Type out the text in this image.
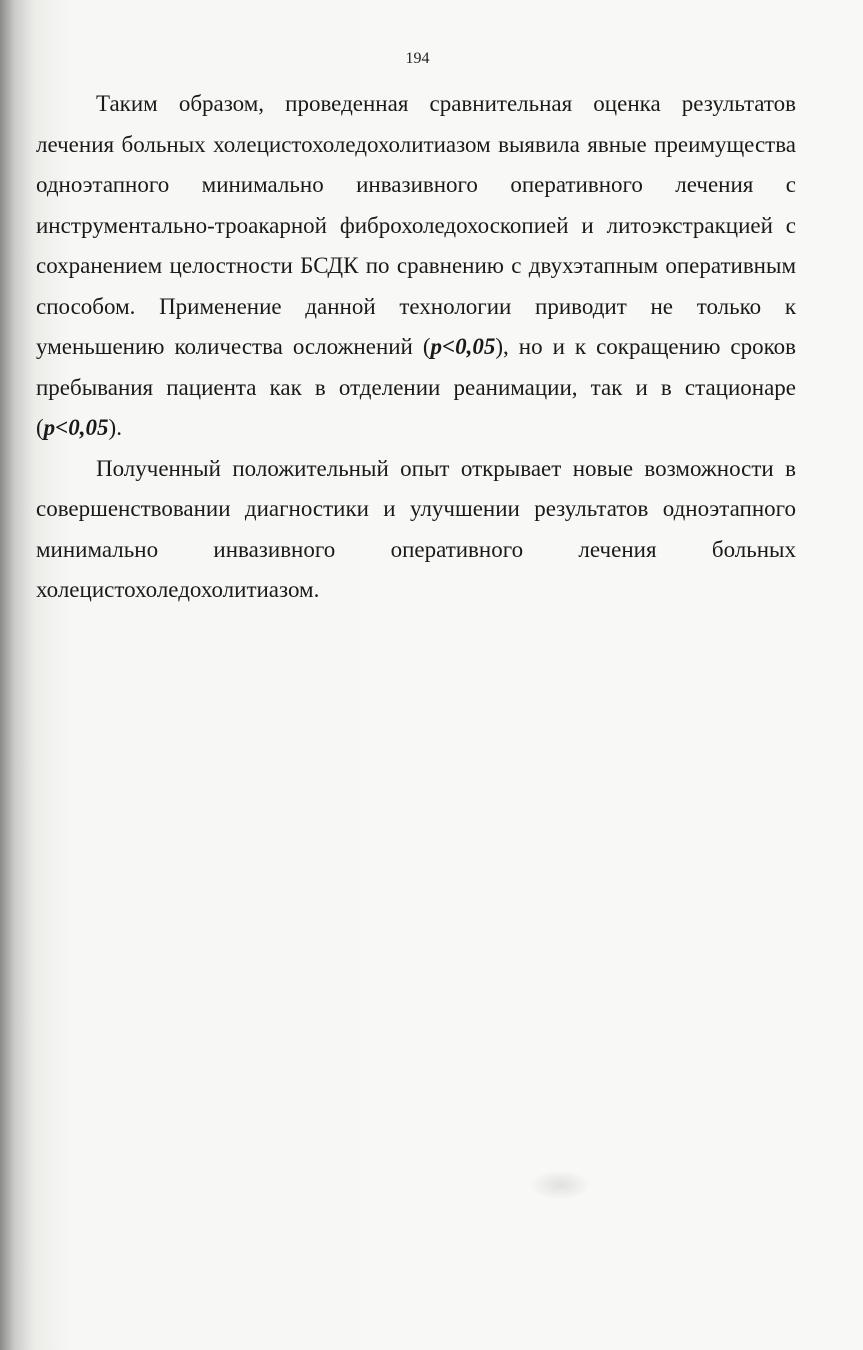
194

Таким образом, проведенная сравнительная оценка результатов лечения больных холецистохоледохолитиазом выявила явные преимущества одноэтапного минимально инвазивного оперативного лечения с инструментально-троакарной фиброхоледохоскопией и литоэкстракцией с сохранением целостности БСДК по сравнению с двухэтапным оперативным способом. Применение данной технологии приводит не только к уменьшению количества осложнений (p<0,05), но и к сокращению сроков пребывания пациента как в отделении реанимации, так и в стационаре (p<0,05).

Полученный положительный опыт открывает новые возможности в совершенствовании диагностики и улучшении результатов одноэтапного минимально инвазивного оперативного лечения больных холецистохоледохолитиазом.
